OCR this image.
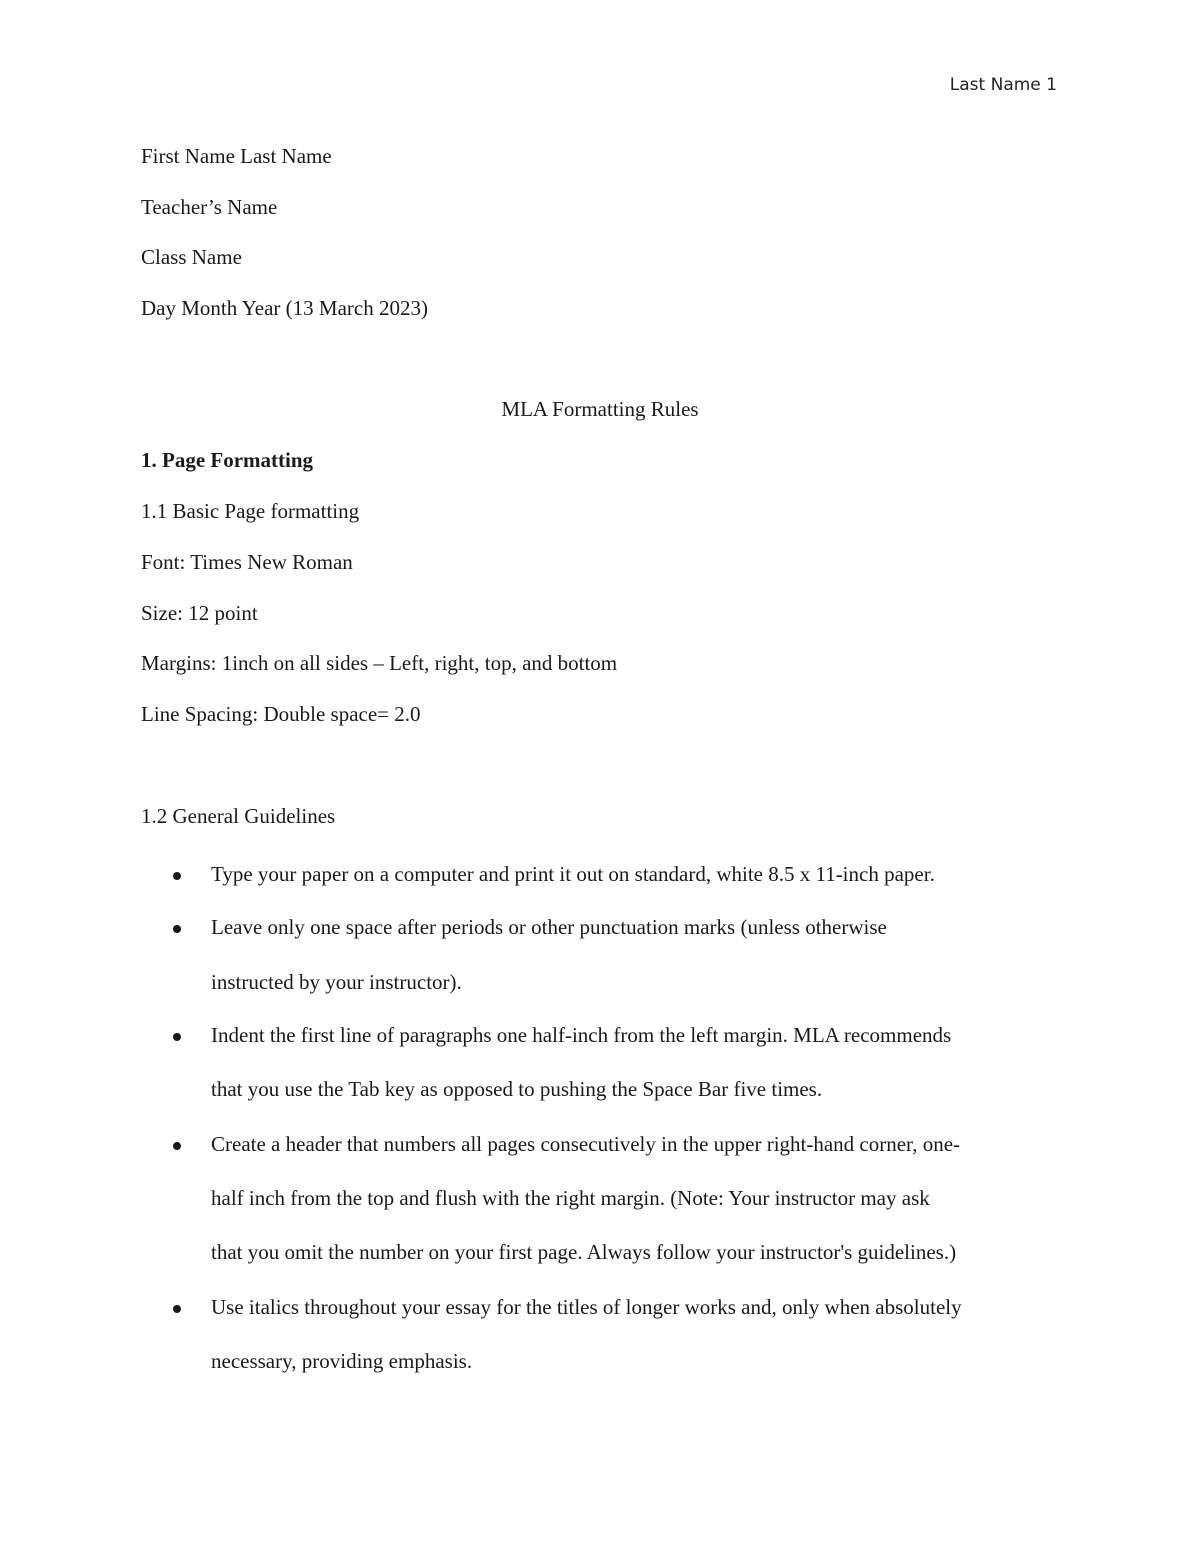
Last Name 1
First Name Last Name
Teacher’s Name
Class Name
Day Month Year (13 March 2023)
MLA Formatting Rules
1. Page Formatting
1.1 Basic Page formatting
Font: Times New Roman
Size: 12 point
Margins: 1inch on all sides – Left, right, top, and bottom
Line Spacing: Double space= 2.0
1.2 General Guidelines
Type your paper on a computer and print it out on standard, white 8.5 x 11-inch paper.
Leave only one space after periods or other punctuation marks (unless otherwise
instructed by your instructor).
Indent the first line of paragraphs one half-inch from the left margin. MLA recommends
that you use the Tab key as opposed to pushing the Space Bar five times.
Create a header that numbers all pages consecutively in the upper right-hand corner, one-
half inch from the top and flush with the right margin. (Note: Your instructor may ask
that you omit the number on your first page. Always follow your instructor's guidelines.)
Use italics throughout your essay for the titles of longer works and, only when absolutely
necessary, providing emphasis.
